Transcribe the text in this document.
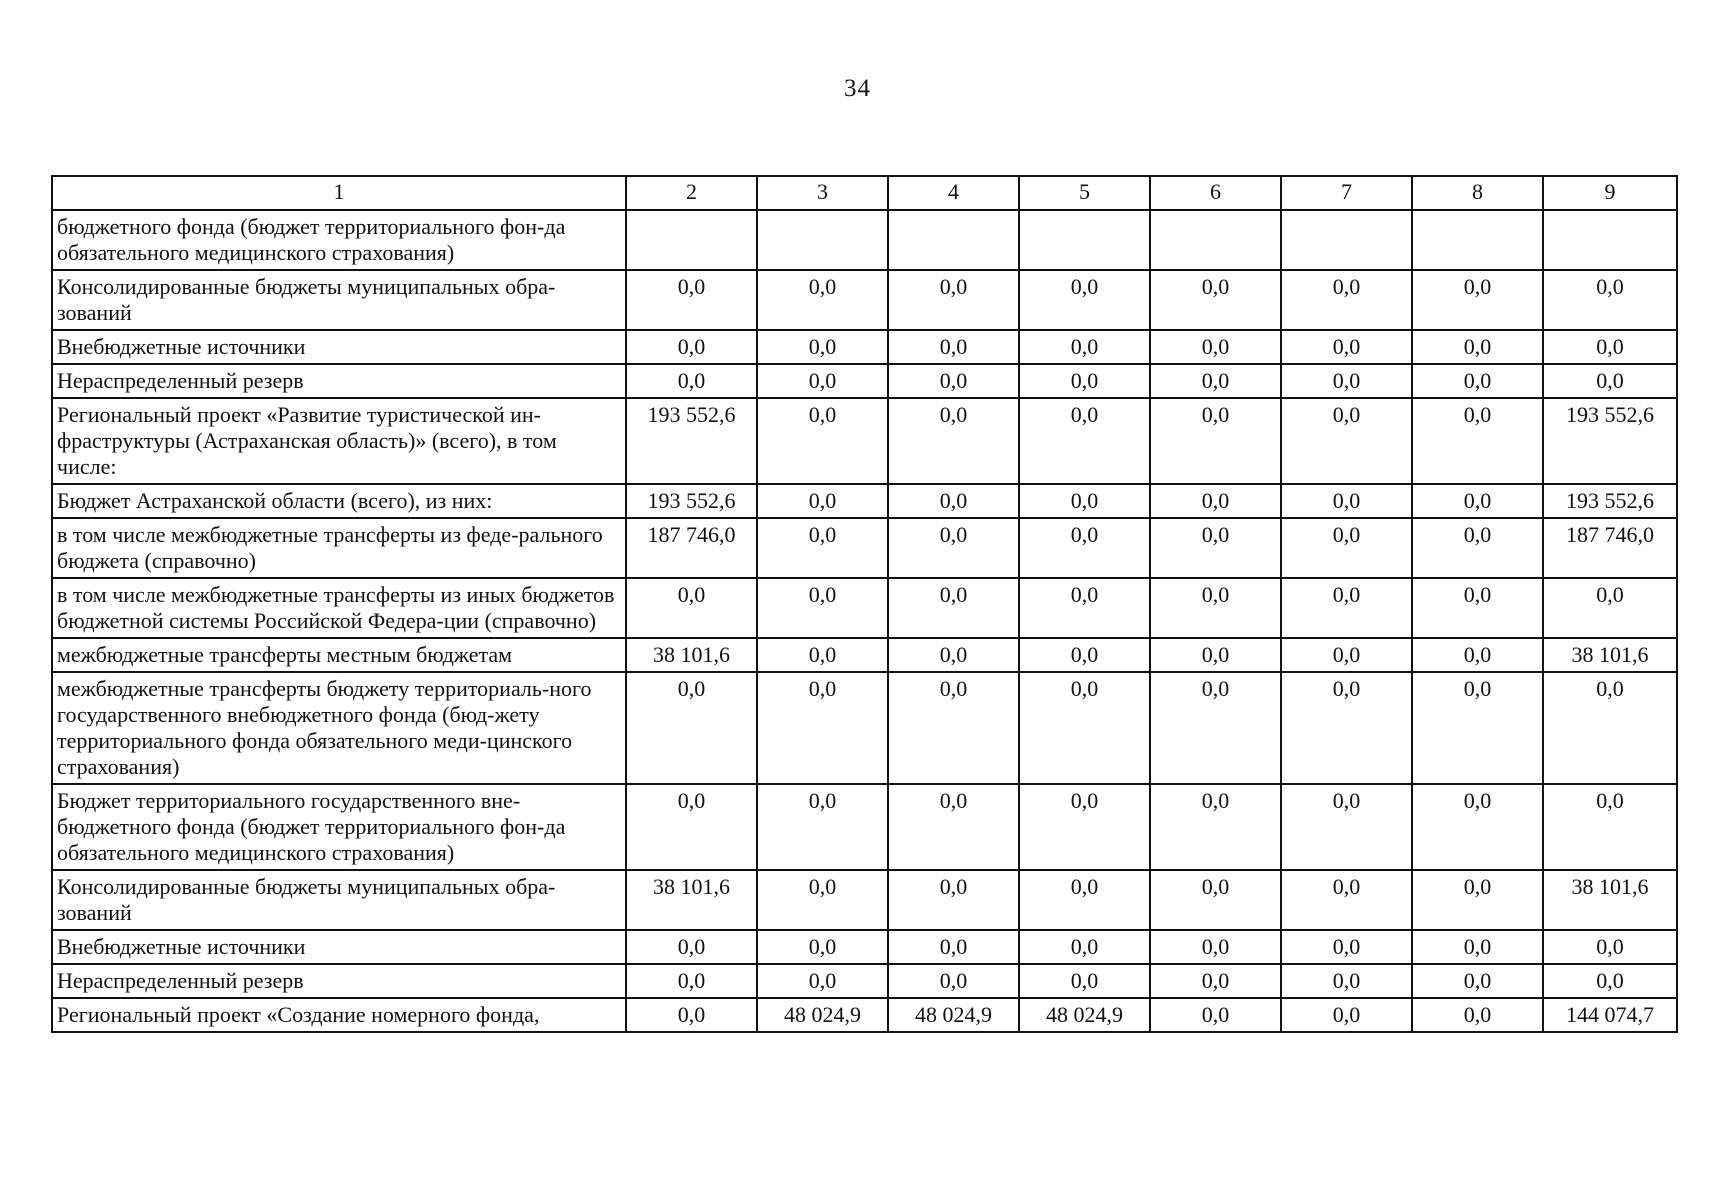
34
1	2	3	4	5	6	7	8	9
бюджетного фонда (бюджет территориального фон-да обязательного медицинского страхования)								
Консолидированные бюджеты муниципальных обра-зований	0,0	0,0	0,0	0,0	0,0	0,0	0,0	0,0
Внебюджетные источники	0,0	0,0	0,0	0,0	0,0	0,0	0,0	0,0
Нераспределенный резерв	0,0	0,0	0,0	0,0	0,0	0,0	0,0	0,0
Региональный проект «Развитие туристической ин-фраструктуры (Астраханская область)» (всего), в том числе:	193 552,6	0,0	0,0	0,0	0,0	0,0	0,0	193 552,6
Бюджет Астраханской области (всего), из них:	193 552,6	0,0	0,0	0,0	0,0	0,0	0,0	193 552,6
в том числе межбюджетные трансферты из феде-рального бюджета (справочно)	187 746,0	0,0	0,0	0,0	0,0	0,0	0,0	187 746,0
в том числе межбюджетные трансферты из иных бюджетов бюджетной системы Российской Федера-ции (справочно)	0,0	0,0	0,0	0,0	0,0	0,0	0,0	0,0
межбюджетные трансферты местным бюджетам	38 101,6	0,0	0,0	0,0	0,0	0,0	0,0	38 101,6
межбюджетные трансферты бюджету территориаль-ного государственного внебюджетного фонда (бюд-жету территориального фонда обязательного меди-цинского страхования)	0,0	0,0	0,0	0,0	0,0	0,0	0,0	0,0
Бюджет территориального государственного вне-бюджетного фонда (бюджет территориального фон-да обязательного медицинского страхования)	0,0	0,0	0,0	0,0	0,0	0,0	0,0	0,0
Консолидированные бюджеты муниципальных обра-зований	38 101,6	0,0	0,0	0,0	0,0	0,0	0,0	38 101,6
Внебюджетные источники	0,0	0,0	0,0	0,0	0,0	0,0	0,0	0,0
Нераспределенный резерв	0,0	0,0	0,0	0,0	0,0	0,0	0,0	0,0
Региональный проект «Создание номерного фонда,	0,0	48 024,9	48 024,9	48 024,9	0,0	0,0	0,0	144 074,7
